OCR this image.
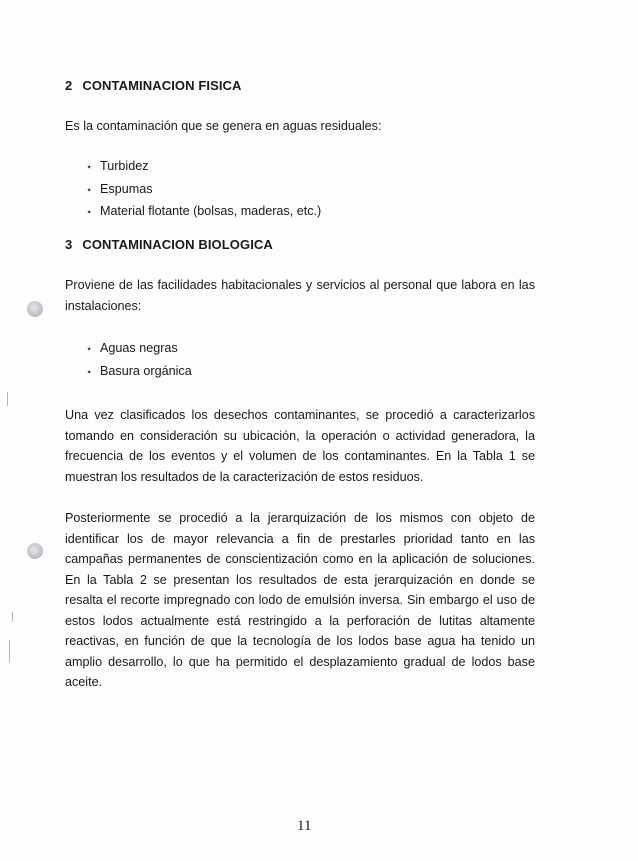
2 CONTAMINACION FISICA
Es la contaminación que se genera en aguas residuales:
⋆ Turbidez
⋆ Espumas
⋆ Material flotante (bolsas, maderas, etc.)
3 CONTAMINACION BIOLOGICA
Proviene de las facilidades habitacionales y servicios al personal que labora en las instalaciones:
⋆ Aguas negras
⋆ Basura orgánica
Una vez clasificados los desechos contaminantes, se procedió a caracterizarlos tomando en consideración su ubicación, la operación o actividad generadora, la frecuencia de los eventos y el volumen de los contaminantes. En la Tabla 1 se muestran los resultados de la caracterización de estos residuos.
Posteriormente se procedió a la jerarquización de los mismos con objeto de identificar los de mayor relevancia a fin de prestarles prioridad tanto en las campañas permanentes de conscientización como en la aplicación de soluciones. En la Tabla 2 se presentan los resultados de esta jerarquización en donde se resalta el recorte impregnado con lodo de emulsión inversa. Sin embargo el uso de estos lodos actualmente está restringido a la perforación de lutitas altamente reactivas, en función de que la tecnología de los lodos base agua ha tenido un amplio desarrollo, lo que ha permitido el desplazamiento gradual de lodos base aceite.
11
